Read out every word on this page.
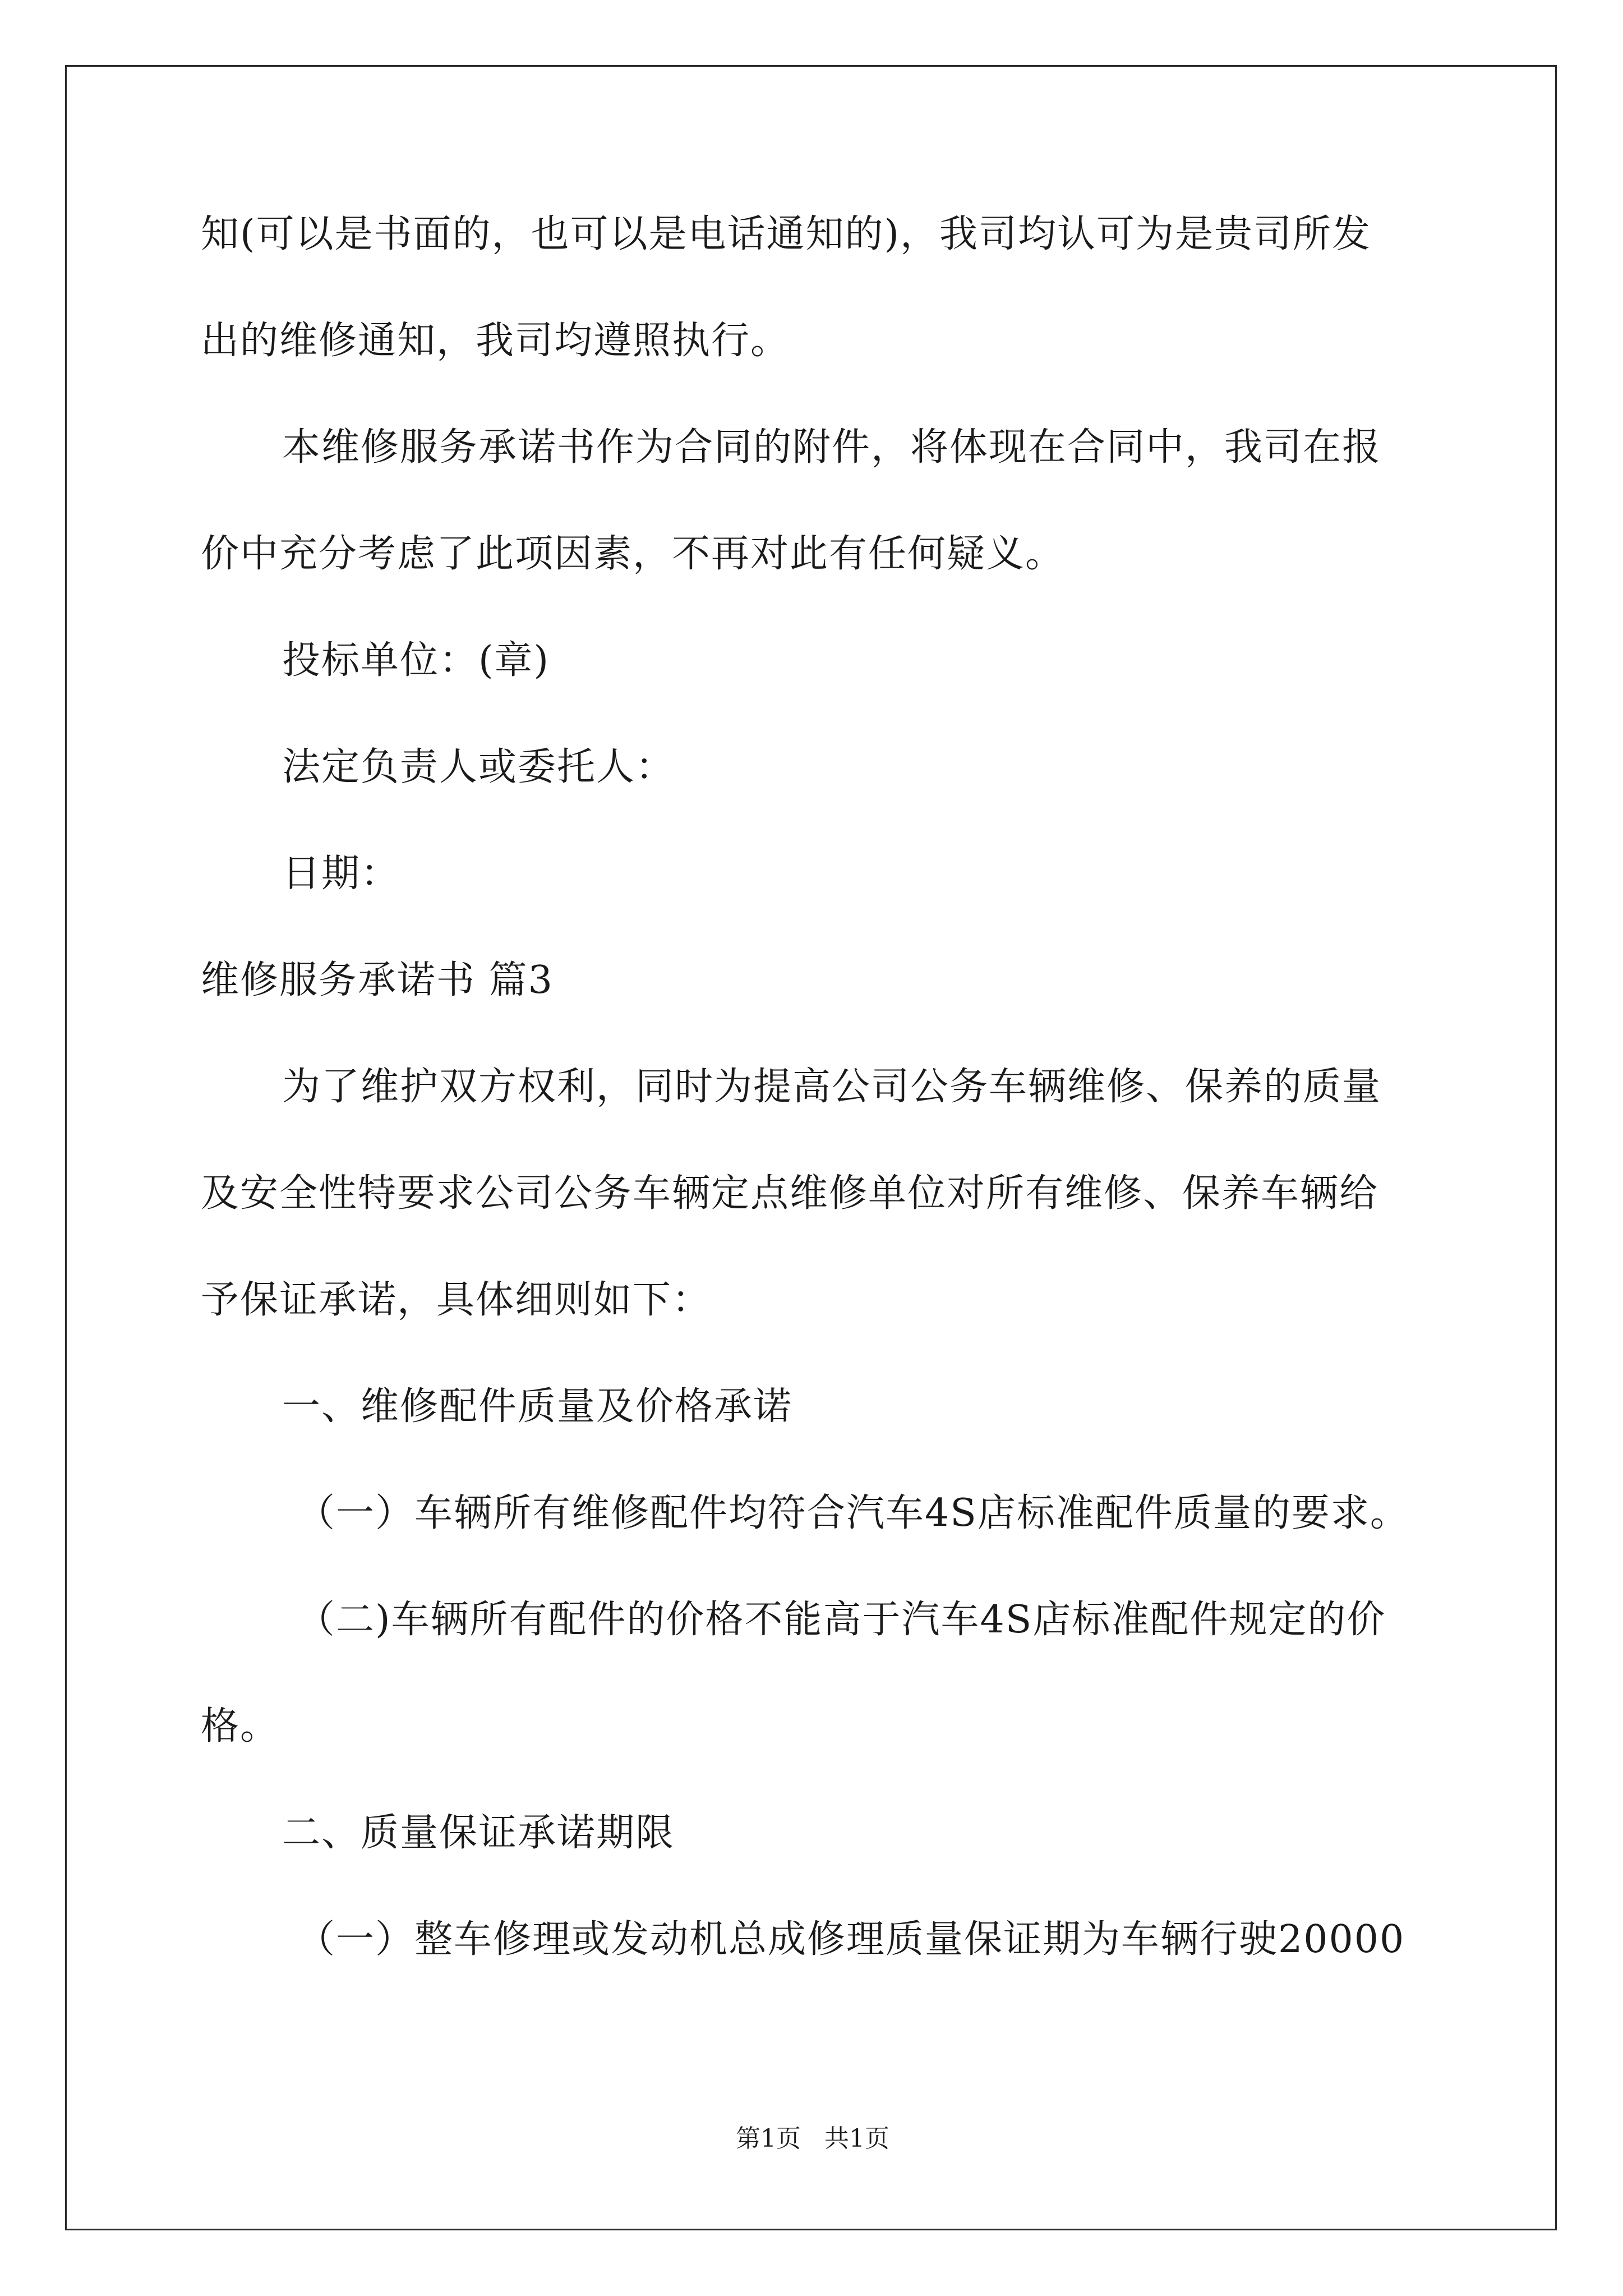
知(可以是书面的，也可以是电话通知的)，我司均认可为是贵司所发
出的维修通知，我司均遵照执行。
本维修服务承诺书作为合同的附件，将体现在合同中，我司在报
价中充分考虑了此项因素，不再对此有任何疑义。
投标单位：(章)
法定负责人或委托人：
日期：
维修服务承诺书 篇3
为了维护双方权利，同时为提高公司公务车辆维修、保养的质量
及安全性特要求公司公务车辆定点维修单位对所有维修、保养车辆给
予保证承诺，具体细则如下：
一、维修配件质量及价格承诺
（一）车辆所有维修配件均符合汽车4S店标准配件质量的要求。
（二)车辆所有配件的价格不能高于汽车4S店标准配件规定的价
格。
二、质量保证承诺期限
（一）整车修理或发动机总成修理质量保证期为车辆行驶20000
第1页   共1页
